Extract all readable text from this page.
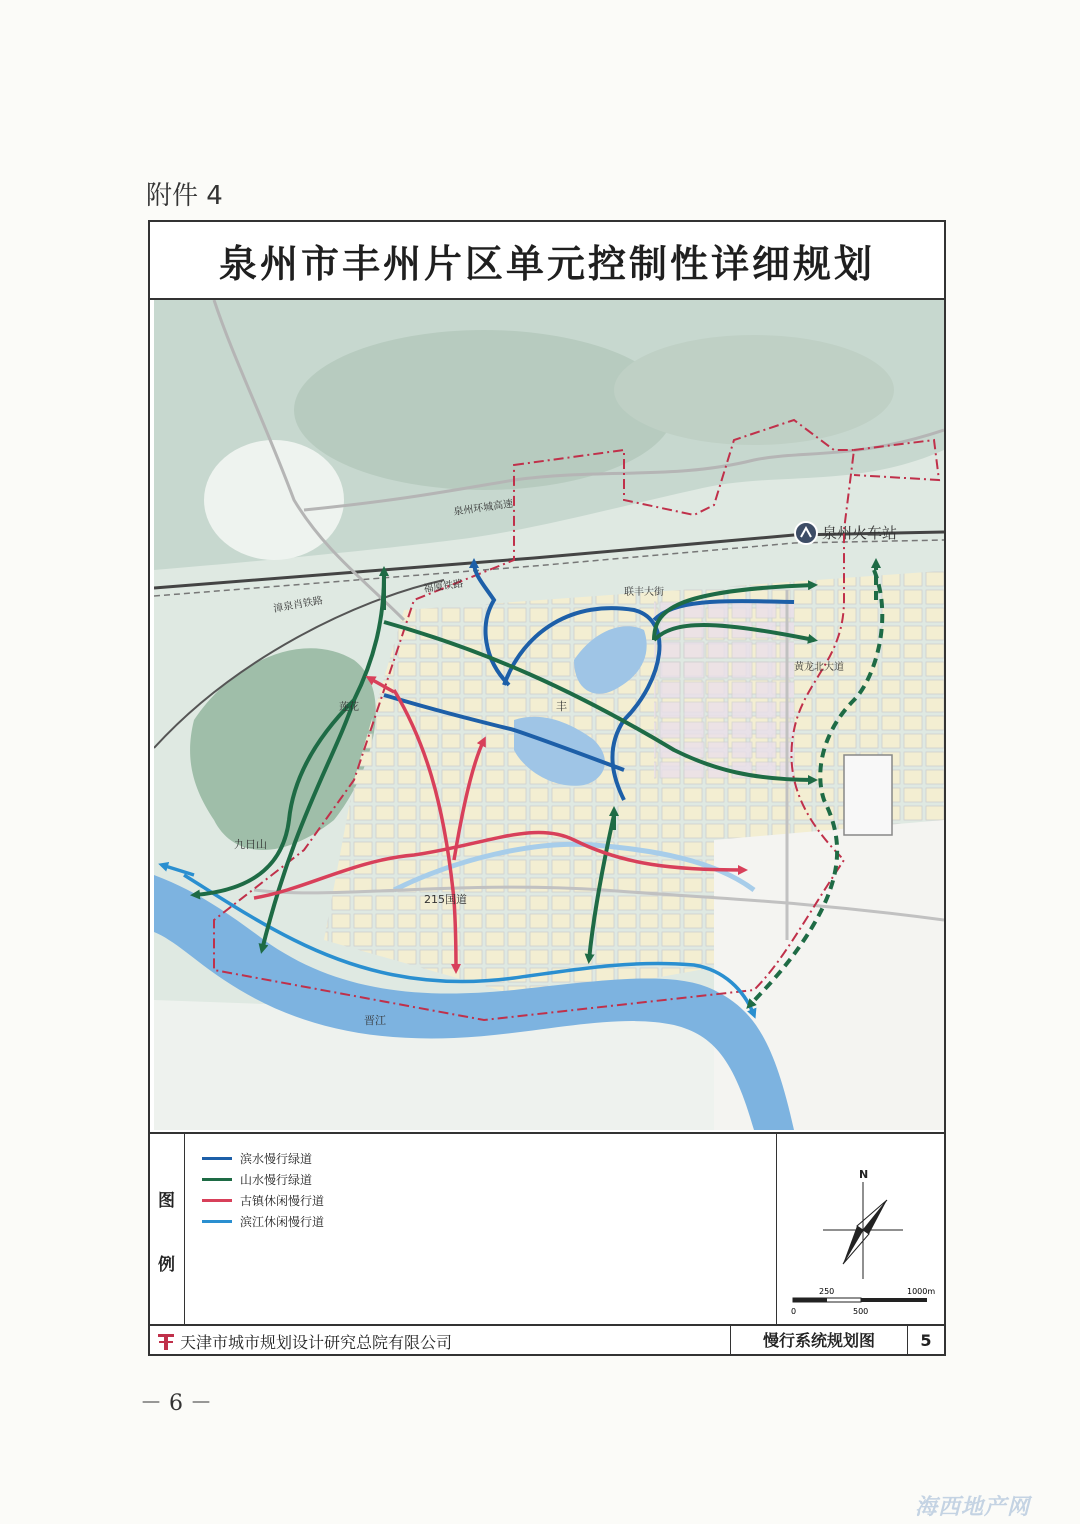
附件 4
泉州市丰州片区单元控制性详细规划
泉州火车站
泉州环城高速
福厦铁路
漳泉肖铁路
联丰大街
黄龙北大道
莲花
九日山
215国道
晋江
丰
图
例
滨水慢行绿道
山水慢行绿道
古镇休闲慢行道
滨江休闲慢行道
N
0
250
500
1000m
天津市城市规划设计研究总院有限公司	慢行系统规划图	5
－ 6 －
海西地产网
